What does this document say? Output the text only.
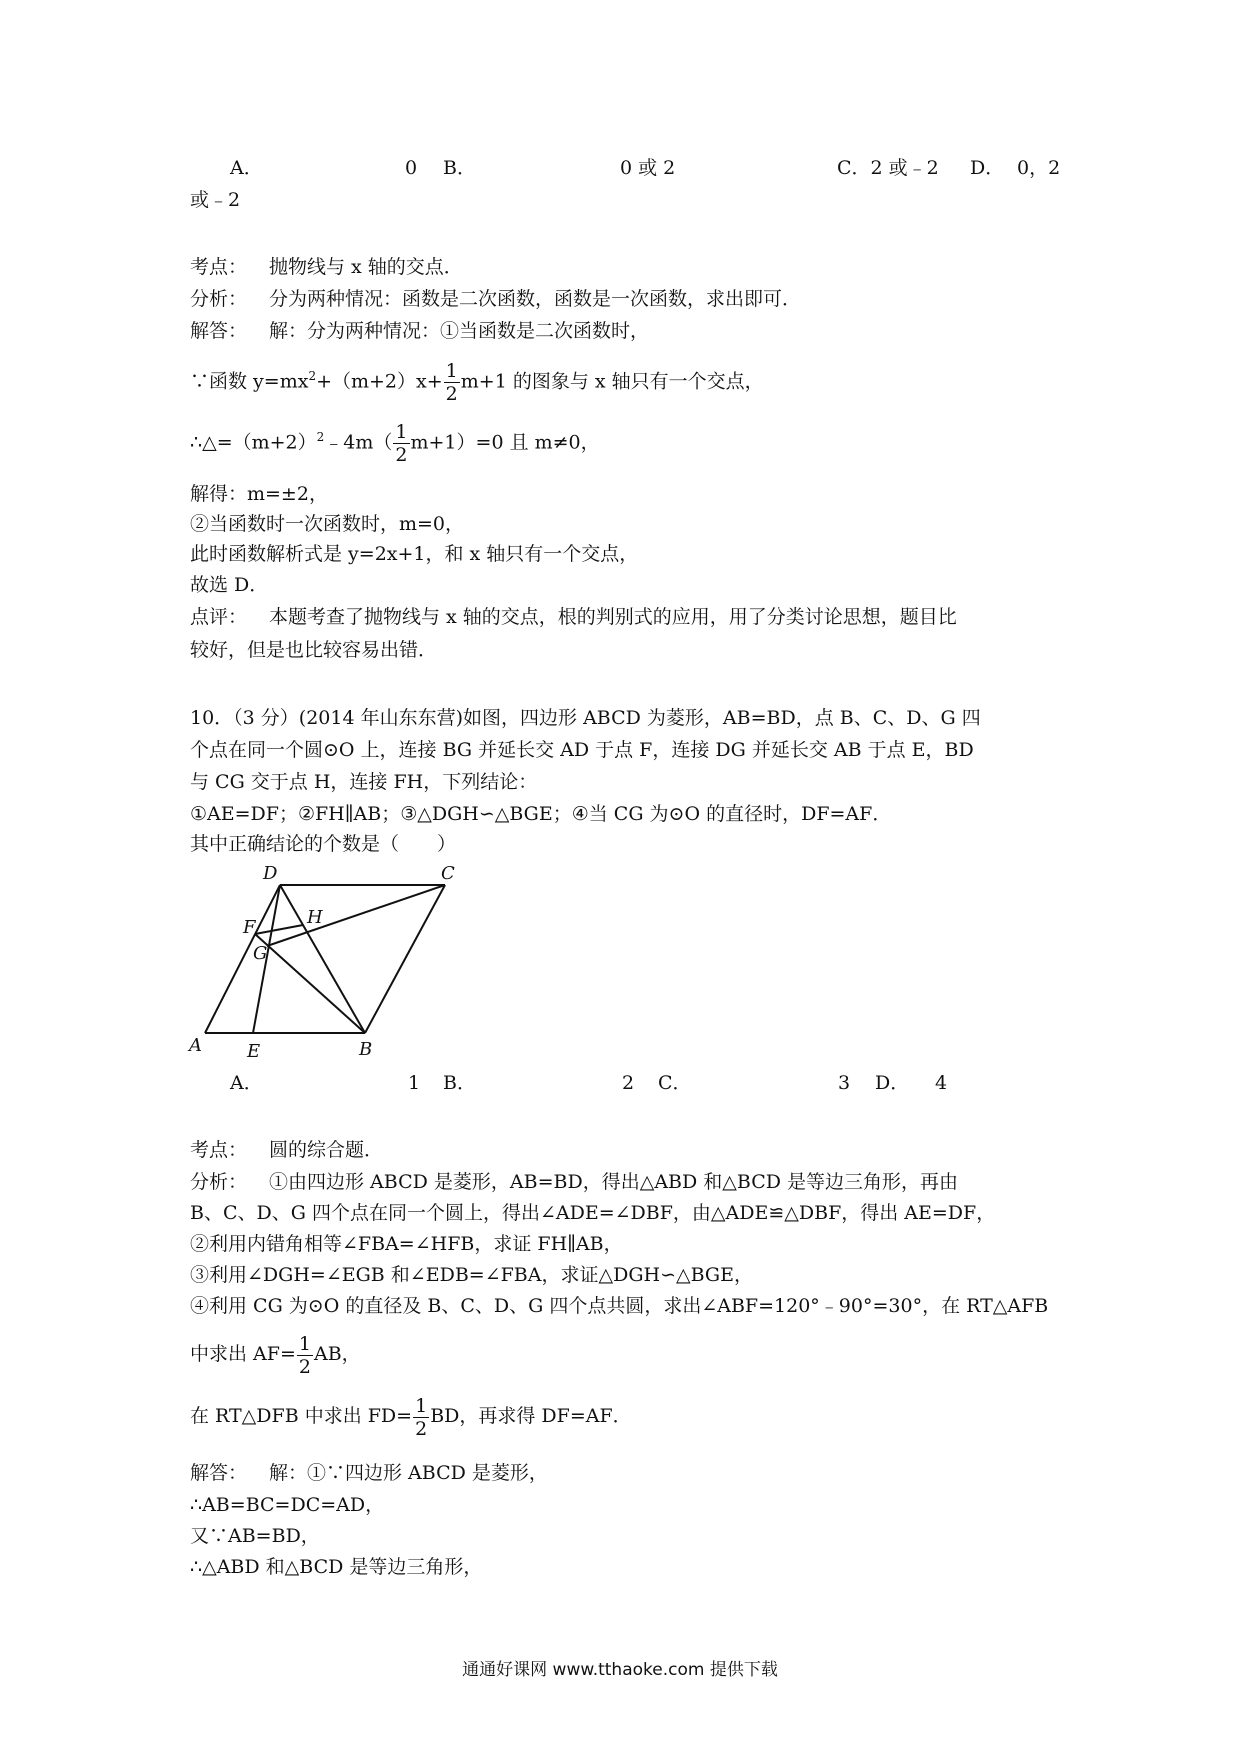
A．	0 B．	0 或 2	C．2 或﹣2 D． 0，2
或﹣2
考点： 抛物线与 x 轴的交点．
分析： 分为两种情况：函数是二次函数，函数是一次函数，求出即可．
解答： 解：分为两种情况：①当函数是二次函数时，
∵函数 $y=mx^2+(m+2)x+ \frac{1}{2} m+1$ 的图象与 x 轴只有一个交点，
$\therefore\triangle=(m+2)^2﹣4m( \frac{1}{2} m+1)=0$ 且 m≠0，
解得：m=±2，
②当函数时一次函数时，m=0，
此时函数解析式是 y=2x+1，和 x 轴只有一个交点，
故选 D．
点评： 本题考查了抛物线与 x 轴的交点，根的判别式的应用，用了分类讨论思想，题目比
较好，但是也比较容易出错．
10．（3 分）(2014 年山东东营)如图，四边形 ABCD 为菱形，AB=BD，点 B、C、D、G 四
个点在同一个圆⊙O 上，连接 BG 并延长交 AD 于点 F，连接 DG 并延长交 AB 于点 E，BD
与 CG 交于点 H，连接 FH，下列结论：
①AE=DF；②FH∥AB；③△DGH∽△BGE；④当 CG 为⊙O 的直径时，DF=AF．
其中正确结论的个数是（　　）
D	C
H
F
G
A	E	B
A．	1 B．	2 C．	3 D． 4
考点： 圆的综合题．
分析： ①由四边形 ABCD 是菱形，AB=BD，得出△ABD 和△BCD 是等边三角形，再由
B、C、D、G 四个点在同一个圆上，得出∠ADE=∠DBF，由△ADE≌△DBF，得出 AE=DF，
②利用内错角相等∠FBA=∠HFB，求证 FH∥AB，
③利用∠DGH=∠EGB 和∠EDB=∠FBA，求证△DGH∽△BGE，
④利用 CG 为⊙O 的直径及 B、C、D、G 四个点共圆，求出∠ABF=120°﹣90°=30°，在 RT△AFB
中求出 $AF= \frac{1}{2}$ AB，
在 RT△DFB 中求出 $FD= \frac{1}{2}$ BD，再求得 DF=AF．
解答： 解：①∵四边形 ABCD 是菱形，
∴AB=BC=DC=AD，
又∵AB=BD，
∴△ABD 和△BCD 是等边三角形，
通通好课网 www.tthaoke.com 提供下载
